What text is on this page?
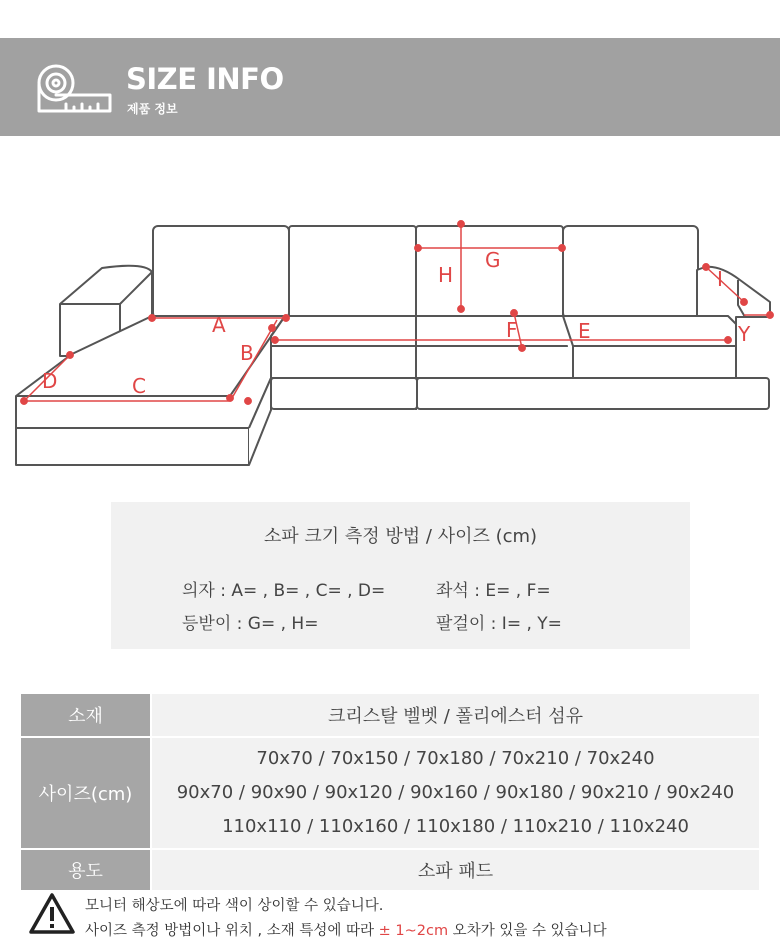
SIZE INFO
제품 정보
A
B
C
D
E
F
G
H	I
Y
소파 크기 측정 방법 / 사이즈 (cm)
의자 : A= , B= , C= , D=	좌석 : E= , F=
등받이 : G= , H=	팔걸이 : I= , Y=
소재	크리스탈 벨벳 / 폴리에스터 섬유
사이즈(cm)	70x70 / 70x150 / 70x180 / 70x210 / 70x240
90x70 / 90x90 / 90x120 / 90x160 / 90x180 / 90x210 / 90x240
110x110 / 110x160 / 110x180 / 110x210 / 110x240

용도	소파 패드
모니터 해상도에 따라 색이 상이할 수 있습니다.
사이즈 측정 방법이나 위치 , 소재 특성에 따라 ± 1~2cm 오차가 있을 수 있습니다
